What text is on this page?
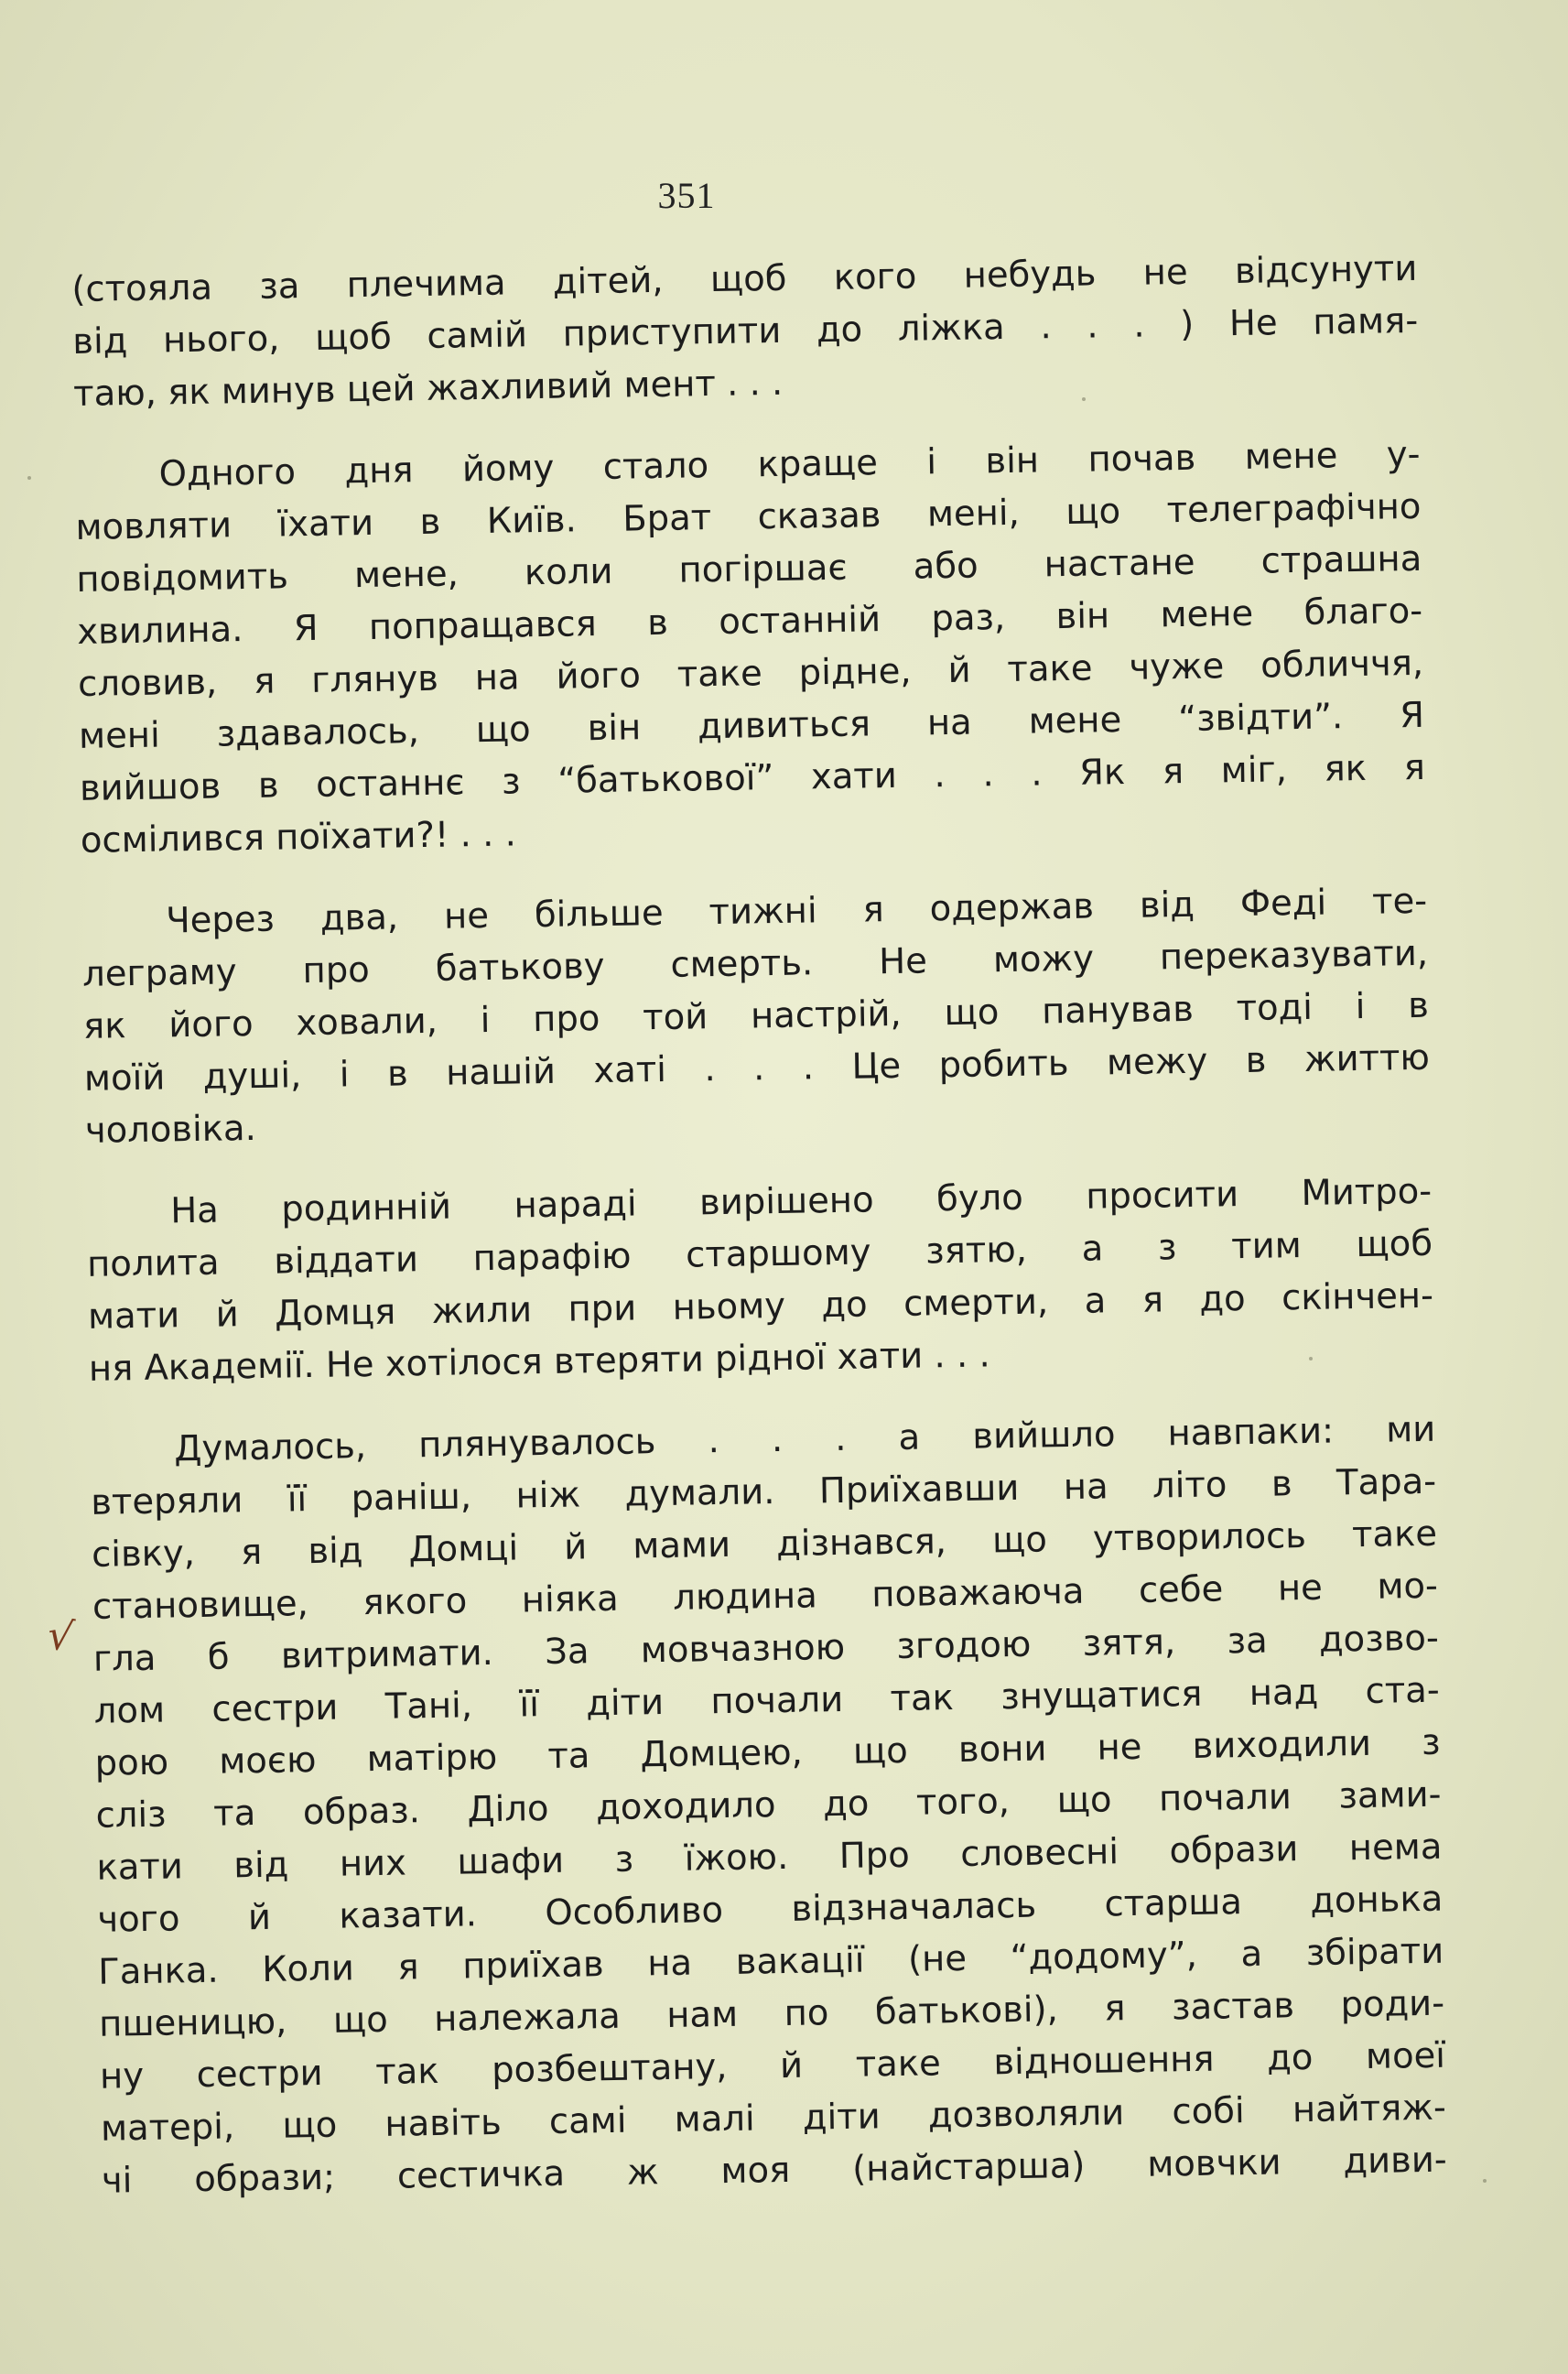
351

(стояла за плечима дітей, щоб кого небудь не відсунути
від нього, щоб самій приступити до ліжка . . . ) Не памя-
таю, як минув цей жахливий мент . . .

Одного дня йому стало краще і він почав мене у-
мовляти їхати в Київ. Брат сказав мені, що телеграфічно
повідомить мене, коли погіршає або настане страшна
хвилина. Я попращався в останній раз, він мене благо-
словив, я глянув на його таке рідне, й таке чуже обличчя,
мені здавалось, що він дивиться на мене “звідти”. Я
вийшов в останнє з “батькової” хати . . . Як я міг, як я
осмілився поїхати?! . . .

Через два, не більше тижні я одержав від Феді те-
леграму про батькову смерть. Не можу переказувати,
як його ховали, і про той настрій, що панував тоді і в
моїй душі, і в нашій хаті . . . Це робить межу в життю
чоловіка.

На родинній нараді вирішено було просити Митро-
полита віддати парафію старшому зятю, а з тим щоб
мати й Домця жили при ньому до смерти, а я до скінчен-
ня Академії. Не хотілося втеряти рідної хати . . .

Думалось, плянувалось . . . а вийшло навпаки: ми
втеряли її раніш, ніж думали. Приїхавши на літо в Тара-
сівку, я від Домці й мами дізнався, що утворилось таке
становище, якого ніяка людина поважаюча себе не мо-
гла б витримати. За мовчазною згодою зятя, за дозво-
лом сестри Тані, її діти почали так знущатися над ста-
рою моєю матірю та Домцею, що вони не виходили з
сліз та образ. Діло доходило до того, що почали зами-
кати від них шафи з їжою. Про словесні образи нема
чого й казати. Особливо відзначалась старша донька
Ганка. Коли я приїхав на вакації (не “додому”, а збірати
пшеницю, що належала нам по батькові), я застав роди-
ну сестри так розбештану, й таке відношення до моеї
матері, що навіть самі малі діти дозволяли собі найтяж-
чі образи; сестичка ж моя (найстарша) мовчки диви-

√
